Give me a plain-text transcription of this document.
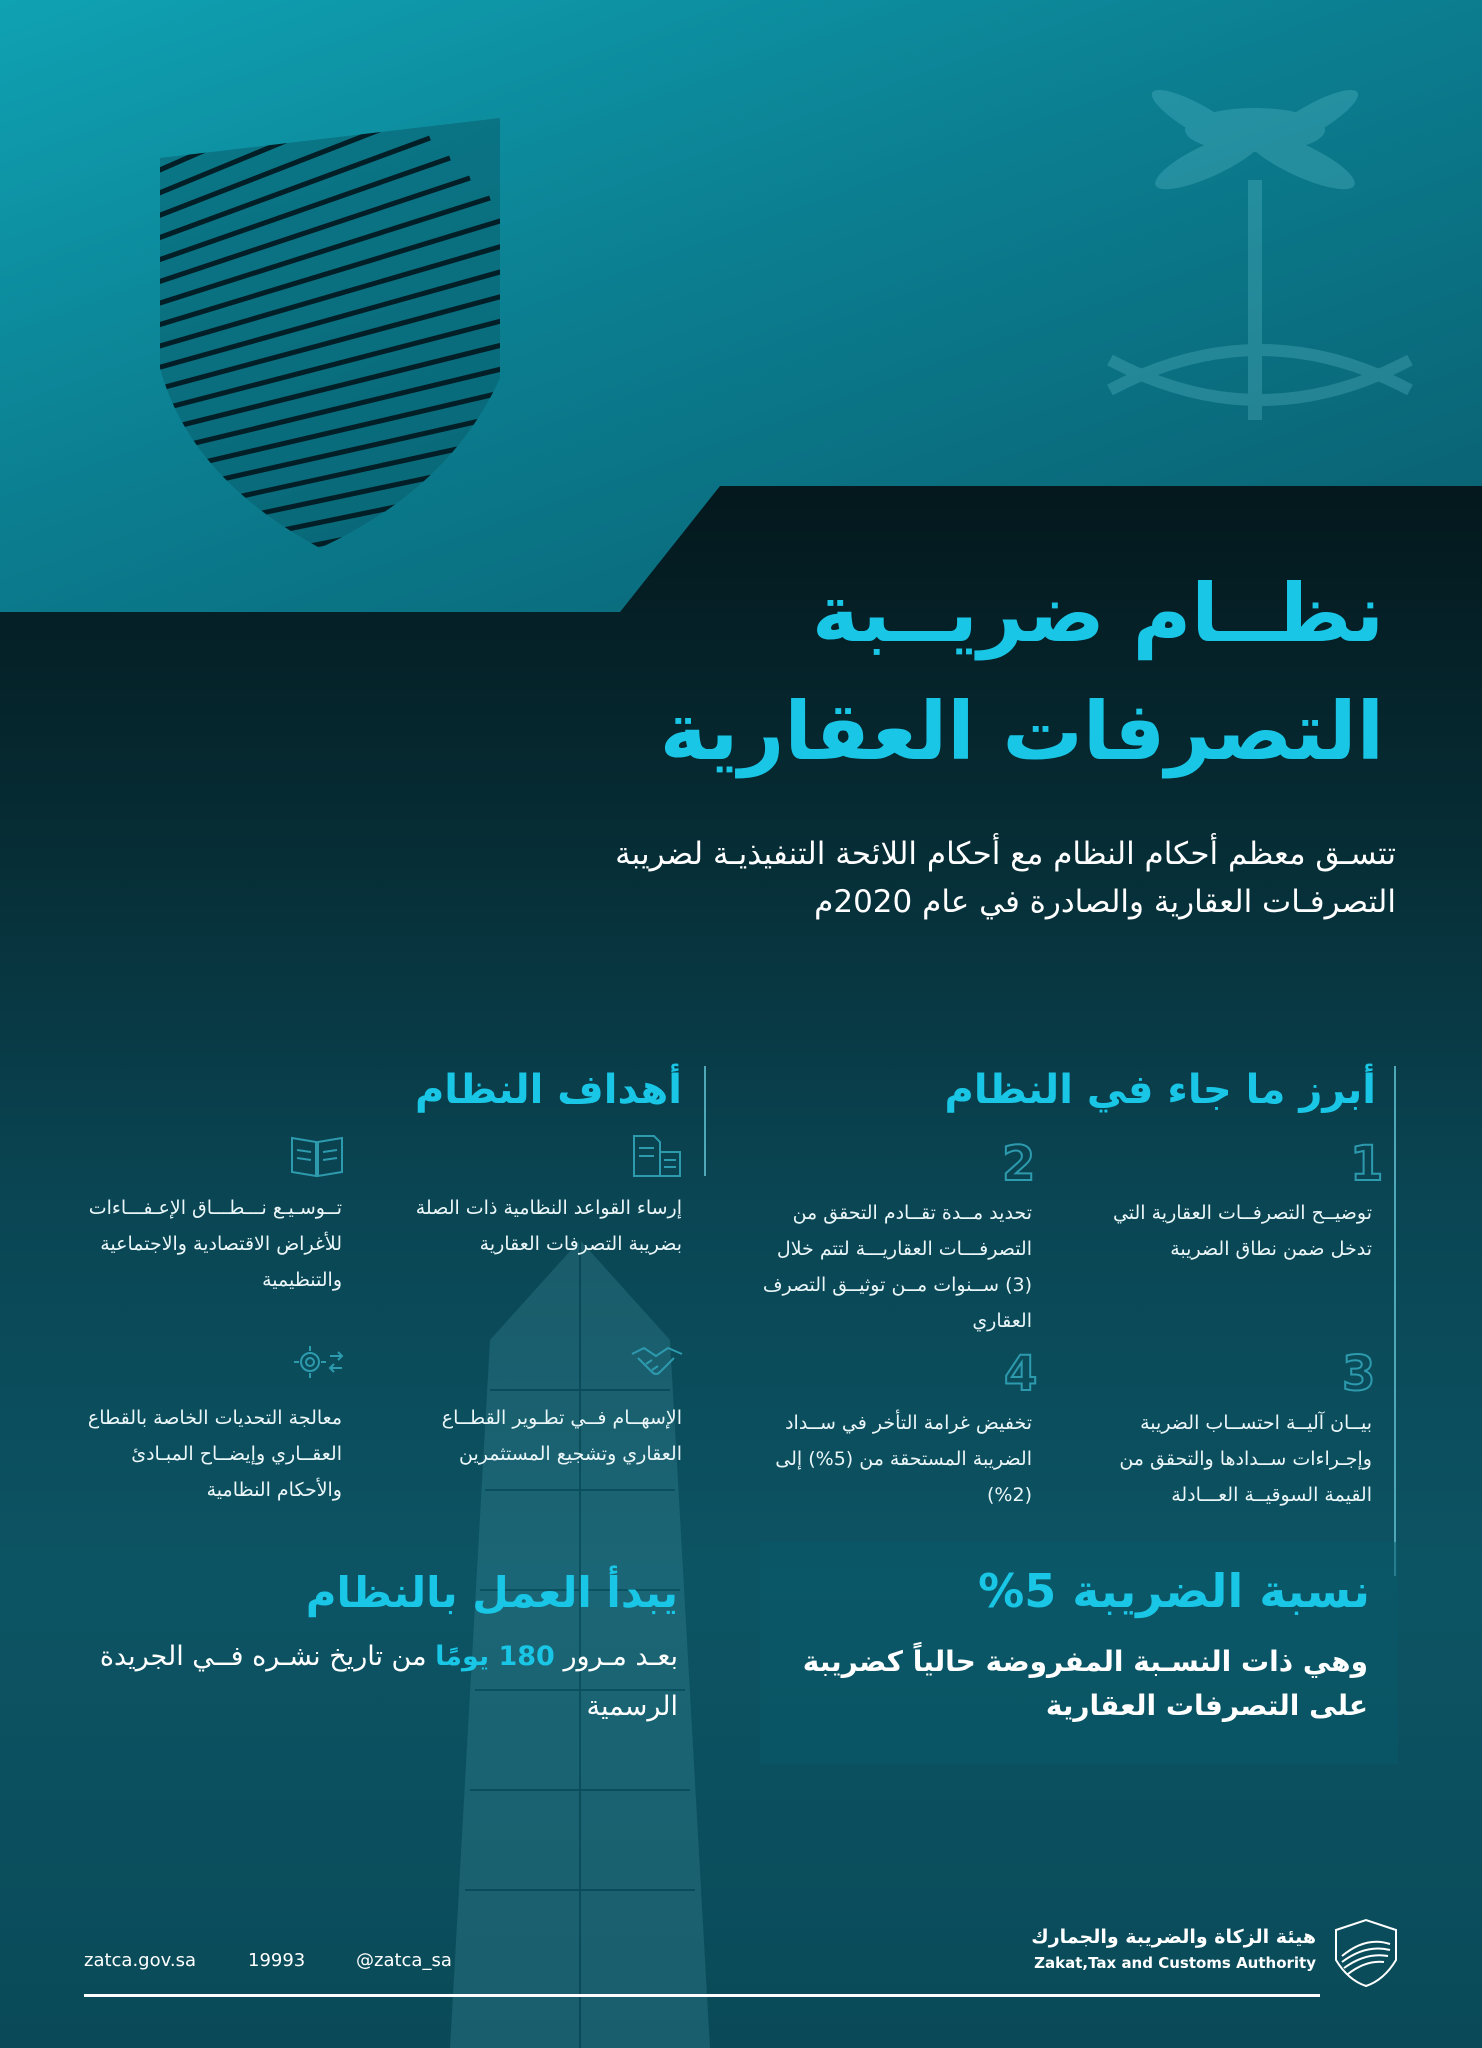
نظــام ضريــبة
التصرفات العقارية
تتسـق معظم أحكام النظام مع أحكام اللائحة التنفيذيـة لضريبة التصرفـات العقارية والصادرة في عام 2020م
أبرز ما جاء في النظام
1
توضيــح التصرفــات العقارية التي تدخل ضمن نطاق الضريبة
2
تحديد مــدة تقــادم التحقق من التصرفـــات العقاريـــة لتتم خلال (3) ســنوات مــن توثيــق التصرف العقاري
3
بيــان آليــة احتســاب الضريبة وإجـراءات ســدادها والتحقق من القيمة السوقيــة العـــادلة
4
تخفيض غرامة التأخر في ســداد الضريبة المستحقة من (5%) إلى (2%)
أهداف النظام
إرساء القواعد النظامية ذات الصلة بضريبة التصرفات العقارية
تــوسـيـع نـــطـــاق الإعـفـــاءات للأغراض الاقتصادية والاجتماعية والتنظيمية
الإسهــام فــي تطـوير القطــاع العقاري وتشجيع المستثمرين
معالجة التحديات الخاصة بالقطاع العقــاري وإيضــاح المبـادئ والأحكام النظامية
نسبة الضريبة 5%
وهي ذات النسـبة المفروضة حالياً كضريبة على التصرفات العقارية
يبدأ العمل بالنظام
بعـد مـرور 180 يومًا من تاريخ نشـره فــي الجريدة الرسمية
zatca.gov.sa	19993	@zatca_sa
هيئة الزكاة والضريبة والجمارك
Zakat,Tax and Customs Authority
